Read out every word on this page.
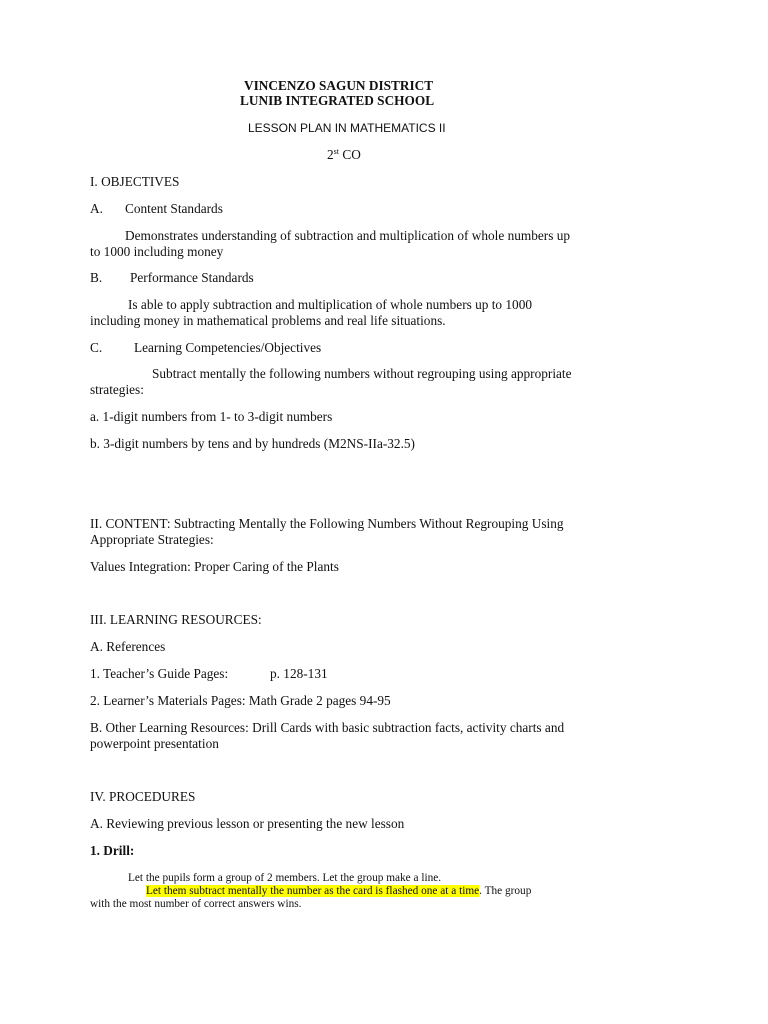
VINCENZO SAGUN DISTRICT
LUNIB INTEGRATED SCHOOL
LESSON PLAN IN MATHEMATICS II
2st CO
I. OBJECTIVES
A. Content Standards
Demonstrates understanding of subtraction and multiplication of whole numbers up
to 1000 including money
B. Performance Standards
Is able to apply subtraction and multiplication of whole numbers up to 1000
including money in mathematical problems and real life situations.
C. Learning Competencies/Objectives
Subtract mentally the following numbers without regrouping using appropriate
strategies:
a. 1-digit numbers from 1- to 3-digit numbers
b. 3-digit numbers by tens and by hundreds (M2NS-IIa-32.5)
II. CONTENT: Subtracting Mentally the Following Numbers Without Regrouping Using
Appropriate Strategies:
Values Integration: Proper Caring of the Plants
III. LEARNING RESOURCES:
A. References
1. Teacher’s Guide Pages:	p. 128-131
2. Learner’s Materials Pages: Math Grade 2 pages 94-95
B. Other Learning Resources: Drill Cards with basic subtraction facts, activity charts and
powerpoint presentation
IV. PROCEDURES
A. Reviewing previous lesson or presenting the new lesson
1. Drill:
Let the pupils form a group of 2 members. Let the group make a line.
Let them subtract mentally the number as the card is flashed one at a time. The group
with the most number of correct answers wins.
